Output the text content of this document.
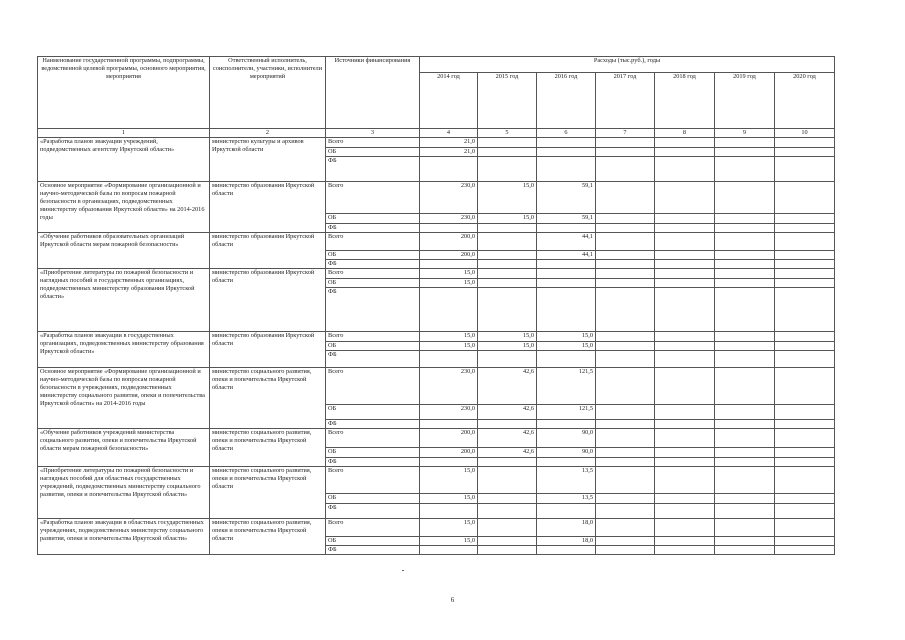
Наименование государственной программы, подпрограммы, ведомственной целевой программы, основного мероприятия, мероприятия	Ответственный исполнитель, соисполнители, участники, исполнители мероприятий	Источники финансирования	Расходы (тыс.руб.), годы						
			2014 год	2015 год	2016 год	2017 год	2018 год	2019 год	2020 год
1	2	3	4	5	6	7	8	9	10
«Разработка планов эвакуации учреждений, подведомственных агентству Иркутской области»	министерство культуры и архивов Иркутской области	Всего	21,0						
		ОБ	21,0						
		ФБ							
Основное мероприятие «Формирование организационной и научно-методической базы по вопросам пожарной безопасности в организациях, подведомственных министерству образования Иркутской области» на 2014-2016 годы	министерство образования Иркутской области	Всего	230,0	15,0	59,1				
		ОБ	230,0	15,0	59,1				
		ФБ							
«Обучение работников образовательных организаций Иркутской области мерам пожарной безопасности»	министерство образования Иркутской области	Всего	200,0		44,1				
		ОБ	200,0		44,1				
		ФБ							
«Приобретение литературы по пожарной безопасности и наглядных пособий в государственных организациях, подведомственных министерству образования Иркутской области»	министерство образования Иркутской области	Всего	15,0						
		ОБ	15,0						
		ФБ							
«Разработка планов эвакуации в государственных организациях, подведомственных министерству образования Иркутской области»	министерство образования Иркутской области	Всего	15,0	15,0	15,0				
		ОБ	15,0	15,0	15,0				
		ФБ							
Основное мероприятие «Формирование организационной и научно-методической базы по вопросам пожарной безопасности в учреждениях, подведомственных министерству социального развития, опеки и попечительства Иркутской области» на 2014-2016 годы	министерство социального развития, опеки и попечительства Иркутской области	Всего	230,0	42,6	121,5				
		ОБ	230,0	42,6	121,5				
		ФБ							
«Обучение работников учреждений министерства социального развития, опеки и попечительства Иркутской области мерам пожарной безопасности»	министерство социального развития, опеки и попечительства Иркутской области	Всего	200,0	42,6	90,0				
		ОБ	200,0	42,6	90,0				
		ФБ							
«Приобретение литературы по пожарной безопасности и наглядных пособий для областных государственных учреждений, подведомственных министерству социального развития, опеки и попечительства Иркутской области»	министерство социального развития, опеки и попечительства Иркутской области	Всего	15,0		13,5				
		ОБ	15,0		13,5				
		ФБ							
«Разработка планов эвакуации в областных государственных учреждениях, подведомственных министерству социального развития, опеки и попечительства Иркутской области»	министерство социального развития, опеки и попечительства Иркутской области	Всего	15,0		18,0				
		ОБ	15,0		18,0				
		ФБ							
6
